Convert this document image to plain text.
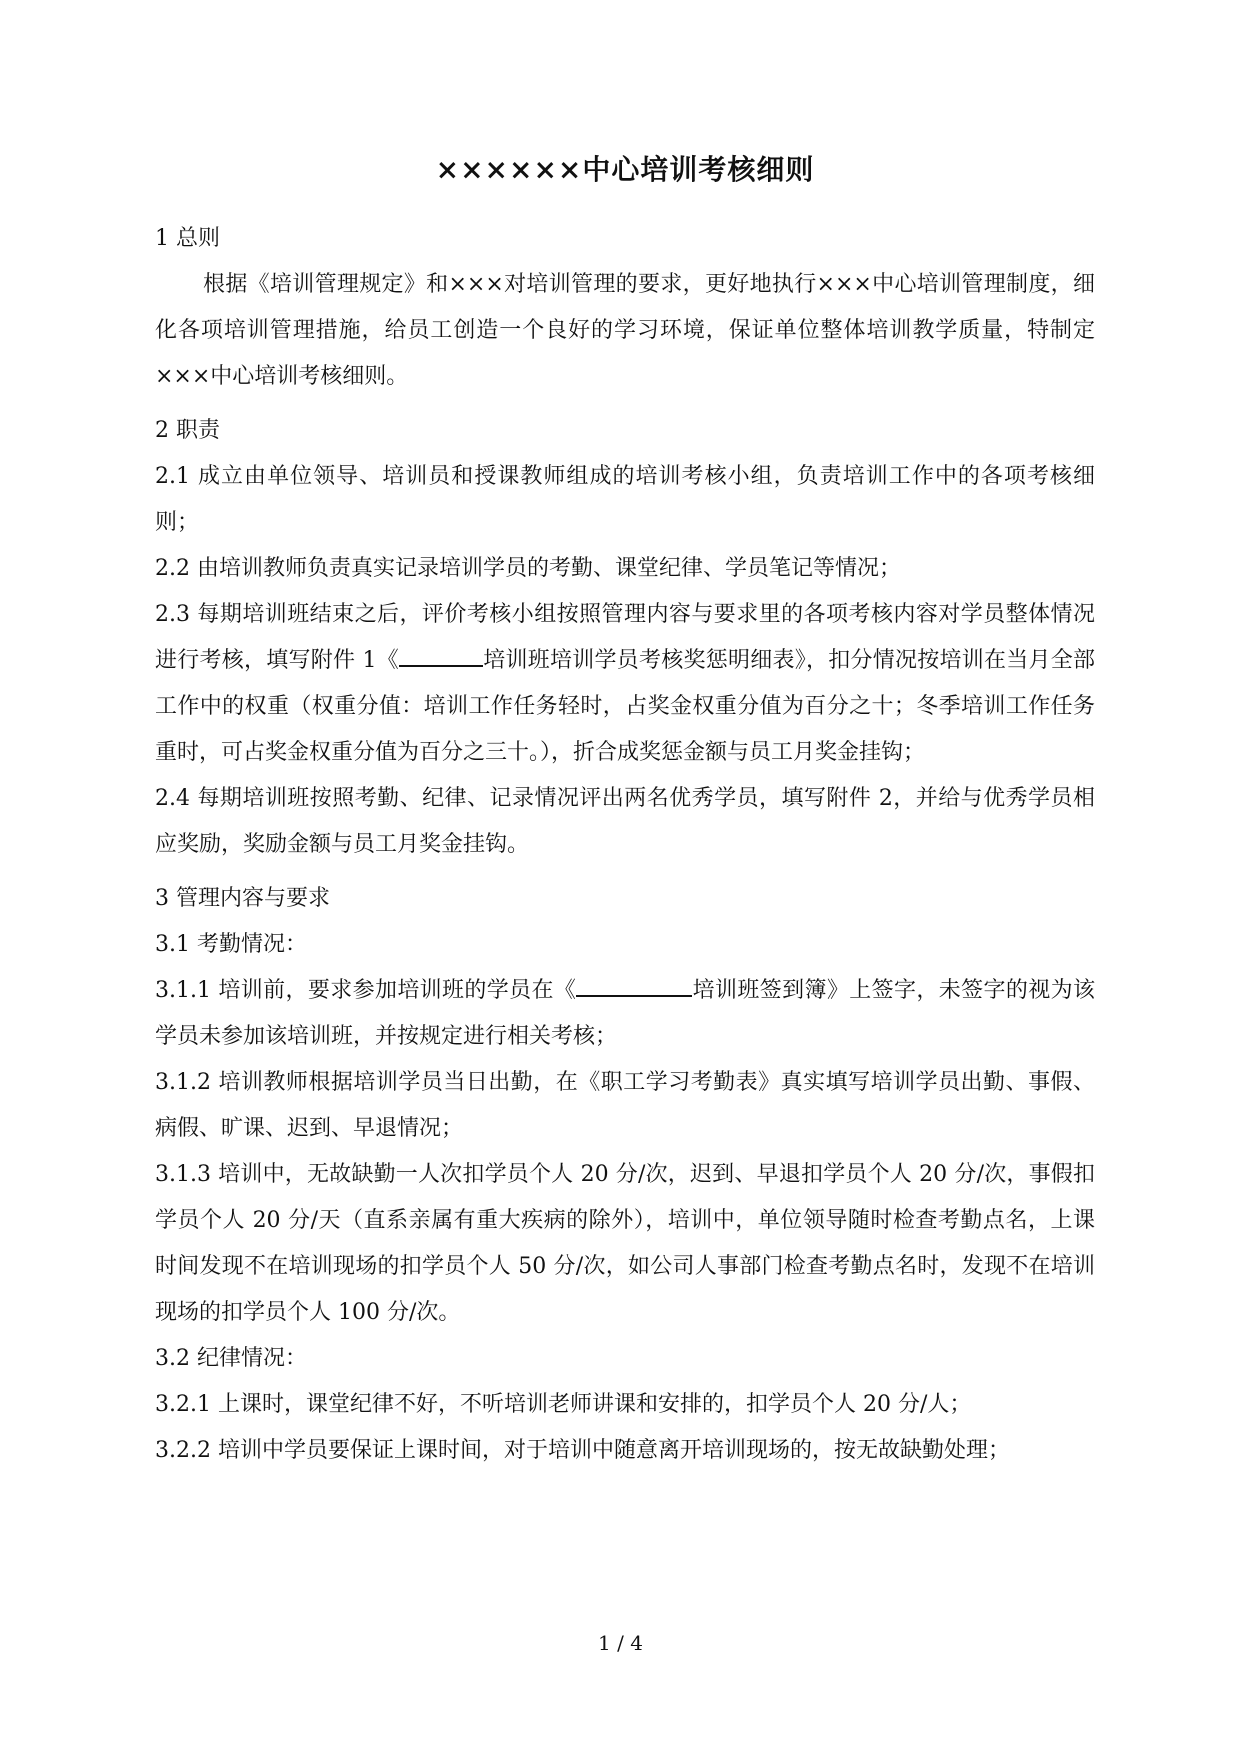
××××××中心培训考核细则

1 总则

根据《培训管理规定》和×××对培训管理的要求，更好地执行×××中心培训管理制度，细化各项培训管理措施，给员工创造一个良好的学习环境，保证单位整体培训教学质量，特制定×××中心培训考核细则。

2 职责

2.1 成立由单位领导、培训员和授课教师组成的培训考核小组，负责培训工作中的各项考核细则；

2.2 由培训教师负责真实记录培训学员的考勤、课堂纪律、学员笔记等情况；

2.3 每期培训班结束之后，评价考核小组按照管理内容与要求里的各项考核内容对学员整体情况进行考核，填写附件 1《	培训班培训学员考核奖惩明细表》，扣分情况按培训在当月全部工作中的权重（权重分值：培训工作任务轻时，占奖金权重分值为百分之十；冬季培训工作任务重时，可占奖金权重分值为百分之三十。），折合成奖惩金额与员工月奖金挂钩；

2.4 每期培训班按照考勤、纪律、记录情况评出两名优秀学员，填写附件 2，并给与优秀学员相应奖励，奖励金额与员工月奖金挂钩。

3 管理内容与要求

3.1 考勤情况：

3.1.1 培训前，要求参加培训班的学员在《	培训班签到簿》上签字，未签字的视为该学员未参加该培训班，并按规定进行相关考核；

3.1.2 培训教师根据培训学员当日出勤，在《职工学习考勤表》真实填写培训学员出勤、事假、病假、旷课、迟到、早退情况；

3.1.3 培训中，无故缺勤一人次扣学员个人 20 分/次，迟到、早退扣学员个人 20 分/次，事假扣学员个人 20 分/天（直系亲属有重大疾病的除外），培训中，单位领导随时检查考勤点名，上课时间发现不在培训现场的扣学员个人 50 分/次，如公司人事部门检查考勤点名时，发现不在培训现场的扣学员个人 100 分/次。

3.2 纪律情况：

3.2.1 上课时，课堂纪律不好，不听培训老师讲课和安排的，扣学员个人 20 分/人；

3.2.2 培训中学员要保证上课时间，对于培训中随意离开培训现场的，按无故缺勤处理；

1 / 4
